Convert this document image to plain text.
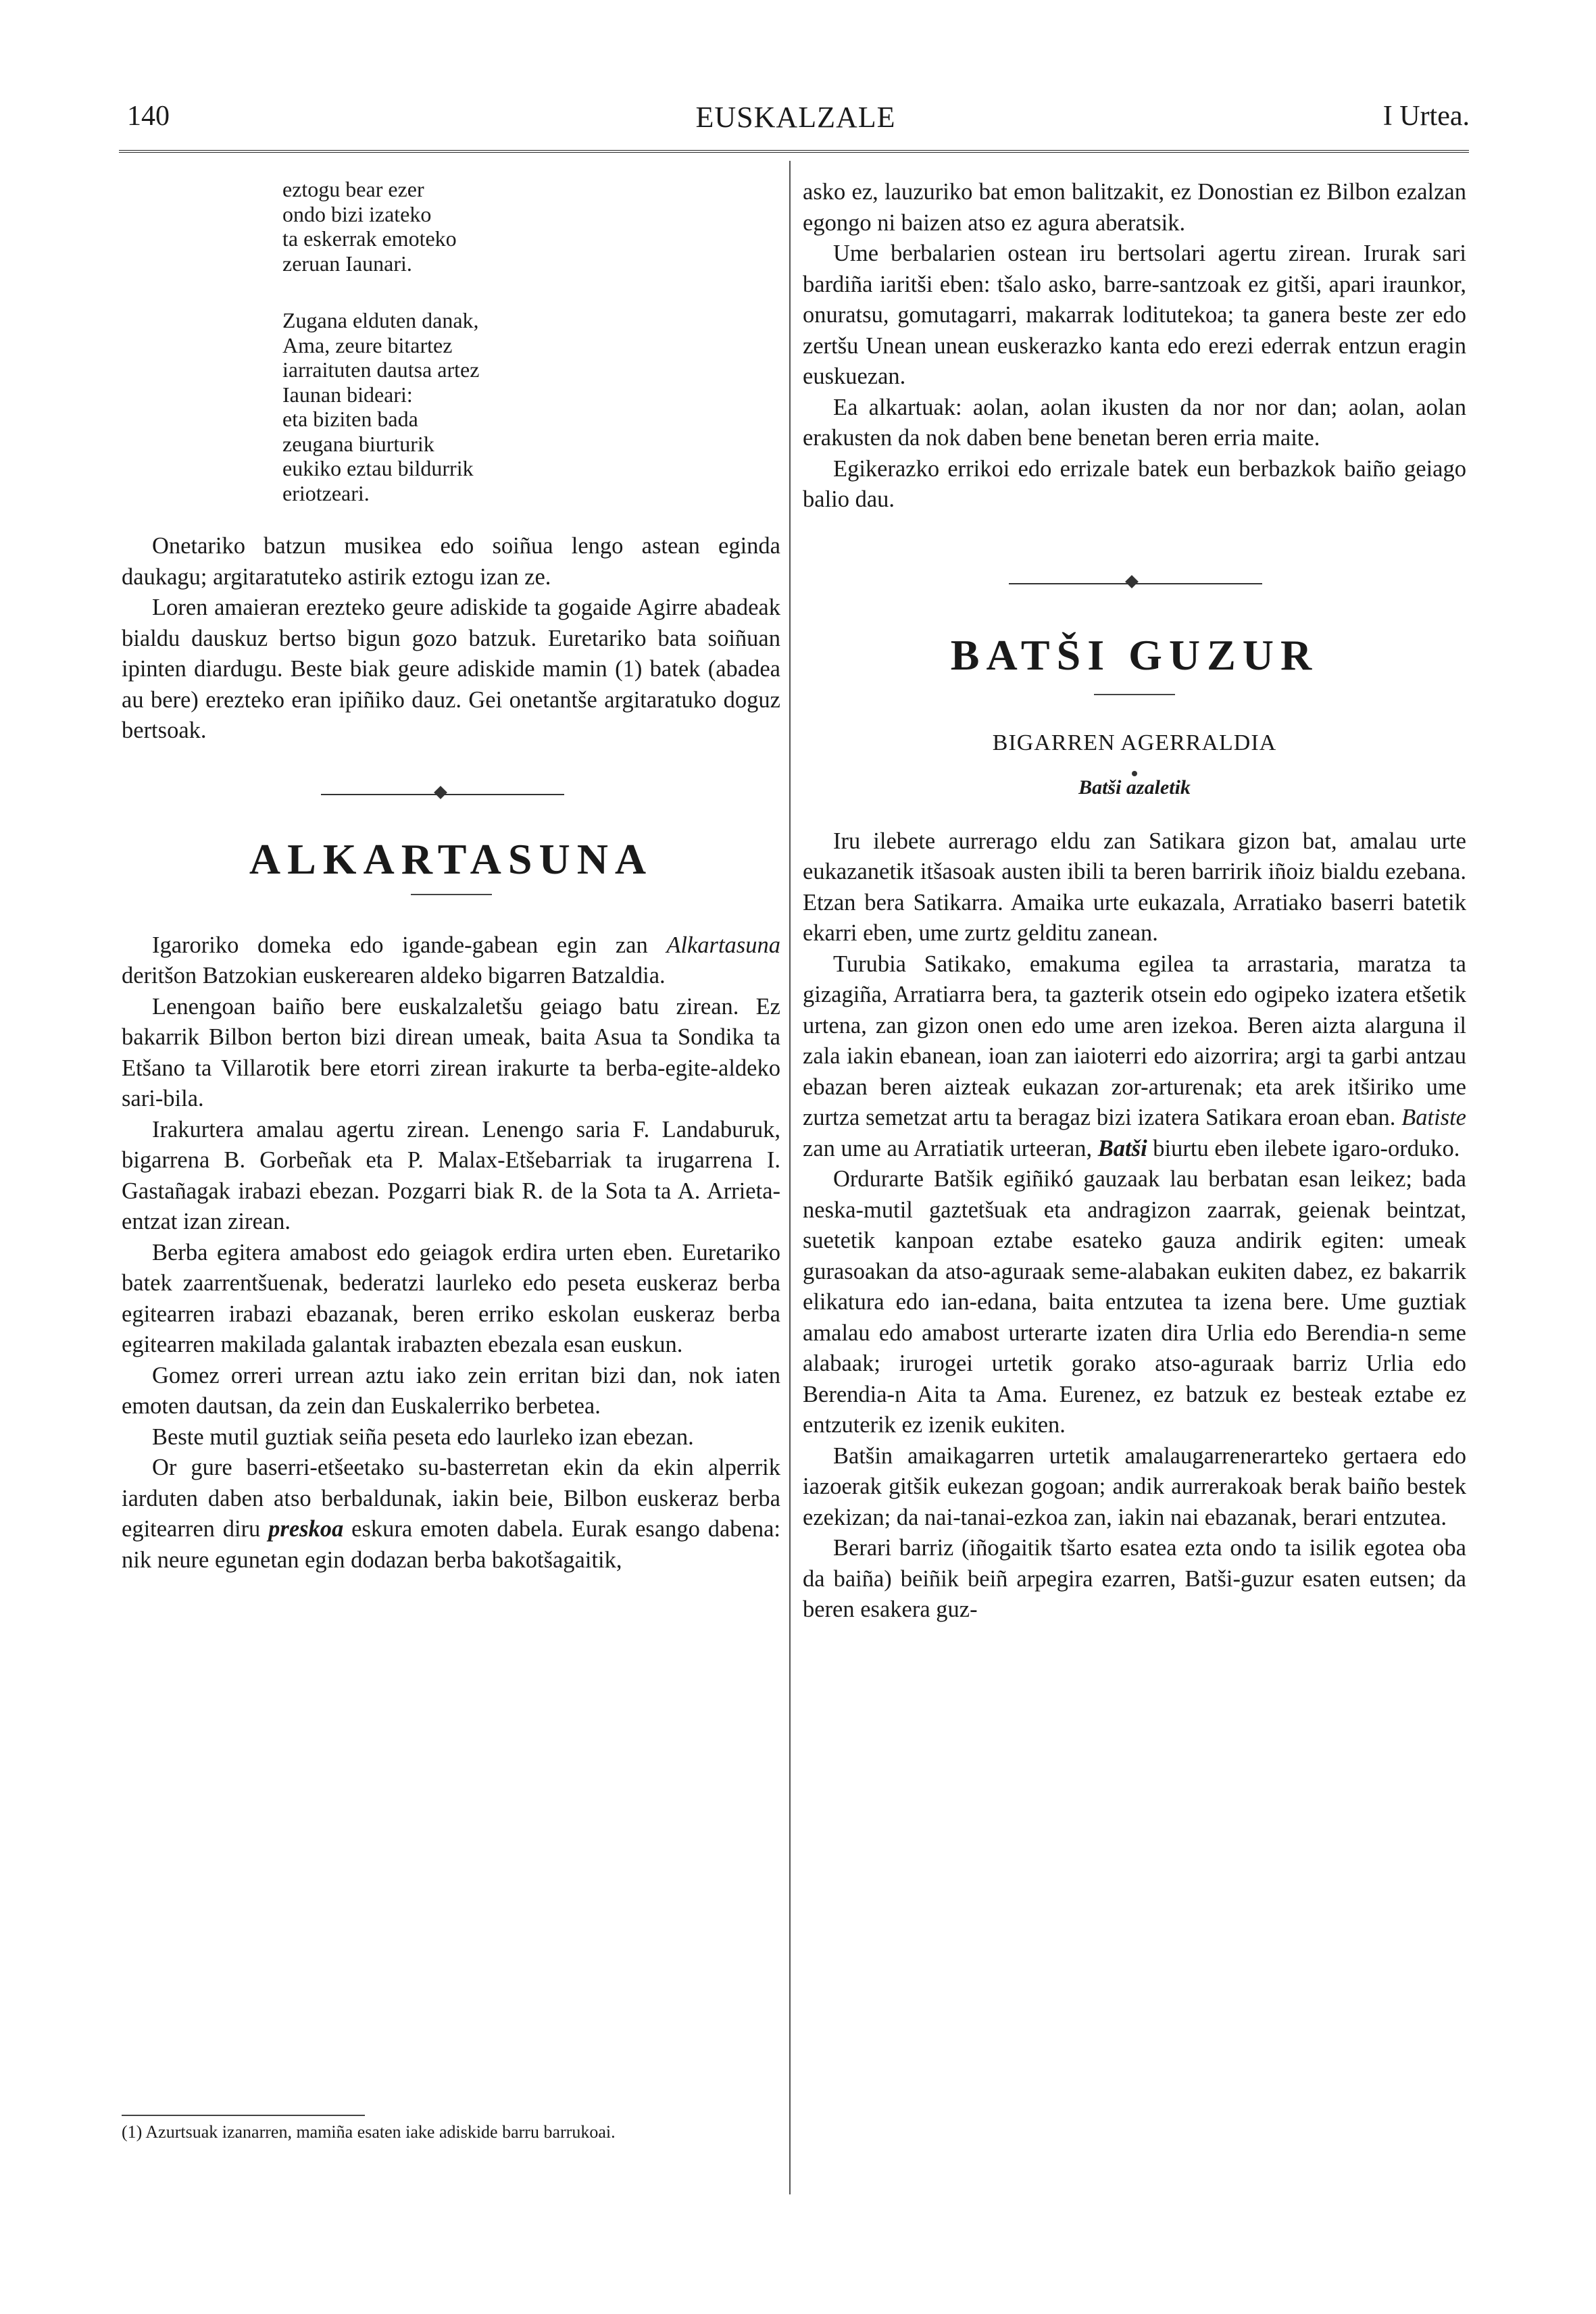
140	EUSKALZALE	I Urtea.
eztogu bear ezer
ondo bizi izateko
ta eskerrak emoteko
zeruan Iaunari.
Zugana elduten danak,
Ama, zeure bitartez
iarraituten dautsa artez
Iaunan bideari:
eta biziten bada
zeugana biurturik
eukiko eztau bildurrik
eriotzeari.

Onetariko batzun musikea edo soiñua lengo astean eginda daukagu; argitaratuteko astirik eztogu izan ze.

Loren amaieran erezteko geure adiskide ta gogaide Agirre abadeak bialdu dauskuz bertso bigun gozo batzuk. Euretariko bata soiñuan ipinten diardugu. Beste biak geure adiskide mamin (1) batek (abadea au bere) erezteko eran ipiñiko dauz. Gei onetantše argitaratuko doguz bertsoak.

ALKARTASUNA

Igaroriko domeka edo igande-gabean egin zan Alkartasuna deritšon Batzokian euskerearen aldeko bigarren Batzaldia.

Lenengoan baiño bere euskalzaletšu geiago batu zirean. Ez bakarrik Bilbon berton bizi direan umeak, baita Asua ta Sondika ta Etšano ta Villarotik bere etorri zirean irakurte ta berba-egite-aldeko sari-bila.

Irakurtera amalau agertu zirean. Lenengo saria F. Landaburuk, bigarrena B. Gorbeñak eta P. Malax-Etšebarriak ta irugarrena I. Gastañagak irabazi ebezan. Pozgarri biak R. de la Sota ta A. Arrieta-entzat izan zirean.

Berba egitera amabost edo geiagok erdira urten eben. Euretariko batek zaarrentšuenak, bederatzi laurleko edo peseta euskeraz berba egitearren irabazi ebazanak, beren erriko eskolan euskeraz berba egitearren makilada galantak irabazten ebezala esan euskun.

Gomez orreri urrean aztu iako zein erritan bizi dan, nok iaten emoten dautsan, da zein dan Euskalerriko berbetea.

Beste mutil guztiak seiña peseta edo laurleko izan ebezan.

Or gure baserri-etšeetako su-basterretan ekin da ekin alperrik iarduten daben atso berbaldunak, iakin beie, Bilbon euskeraz berba egitearren diru preskoa eskura emoten dabela. Eurak esango dabena: nik neure egunetan egin dodazan berba bakotšagaitik,

(1) Azurtsuak izanarren, mamiña esaten iake adiskide barru barrukoai.

asko ez, lauzuriko bat emon balitzakit, ez Donostian ez Bilbon ezalzan egongo ni baizen atso ez agura aberatsik.

Ume berbalarien ostean iru bertsolari agertu zirean. Irurak sari bardiña iaritši eben: tšalo asko, barre-santzoak ez gitši, apari iraunkor, onuratsu, gomutagarri, makarrak loditutekoa; ta ganera beste zer edo zertšu Unean unean euskerazko kanta edo erezi ederrak entzun eragin euskuezan.

Ea alkartuak: aolan, aolan ikusten da nor nor dan; aolan, aolan erakusten da nok daben bene benetan beren erria maite.

Egikerazko errikoi edo errizale batek eun berbazkok baiño geiago balio dau.

BATŠI GUZUR

BIGARREN AGERRALDIA

Batši azaletik

Iru ilebete aurrerago eldu zan Satikara gizon bat, amalau urte eukazanetik itšasoak austen ibili ta beren barririk iñoiz bialdu ezebana. Etzan bera Satikarra. Amaika urte eukazala, Arratiako baserri batetik ekarri eben, ume zurtz gelditu zanean.

Turubia Satikako, emakuma egilea ta arrastaria, maratza ta gizagiña, Arratiarra bera, ta gazterik otsein edo ogipeko izatera etšetik urtena, zan gizon onen edo ume aren izekoa. Beren aizta alarguna il zala iakin ebanean, ioan zan iaioterri edo aizorrira; argi ta garbi antzau ebazan beren aizteak eukazan zor-arturenak; eta arek itširiko ume zurtza semetzat artu ta beragaz bizi izatera Satikara eroan eban. Batiste zan ume au Arratiatik urteeran, Batši biurtu eben ilebete igaro-orduko.

Ordurarte Batšik egiñikó gauzaak lau berbatan esan leikez; bada neska-mutil gaztetšuak eta andragizon zaarrak, geienak beintzat, suetetik kanpoan eztabe esateko gauza andirik egiten: umeak gurasoakan da atso-aguraak seme-alabakan eukiten dabez, ez bakarrik elikatura edo ian-edana, baita entzutea ta izena bere. Ume guztiak amalau edo amabost urterarte izaten dira Urlia edo Berendia-n seme alabaak; irurogei urtetik gorako atso-aguraak barriz Urlia edo Berendia-n Aita ta Ama. Eurenez, ez batzuk ez besteak eztabe ez entzuterik ez izenik eukiten.

Batšin amaikagarren urtetik amalaugarrenerarteko gertaera edo iazoerak gitšik eukezan gogoan; andik aurrerakoak berak baiño bestek ezekizan; da nai-tanai-ezkoa zan, iakin nai ebazanak, berari entzutea.

Berari barriz (iñogaitik tšarto esatea ezta ondo ta isilik egotea oba da baiña) beiñik beiñ arpegira ezarren, Batši-guzur esaten eutsen; da beren esakera guz-
